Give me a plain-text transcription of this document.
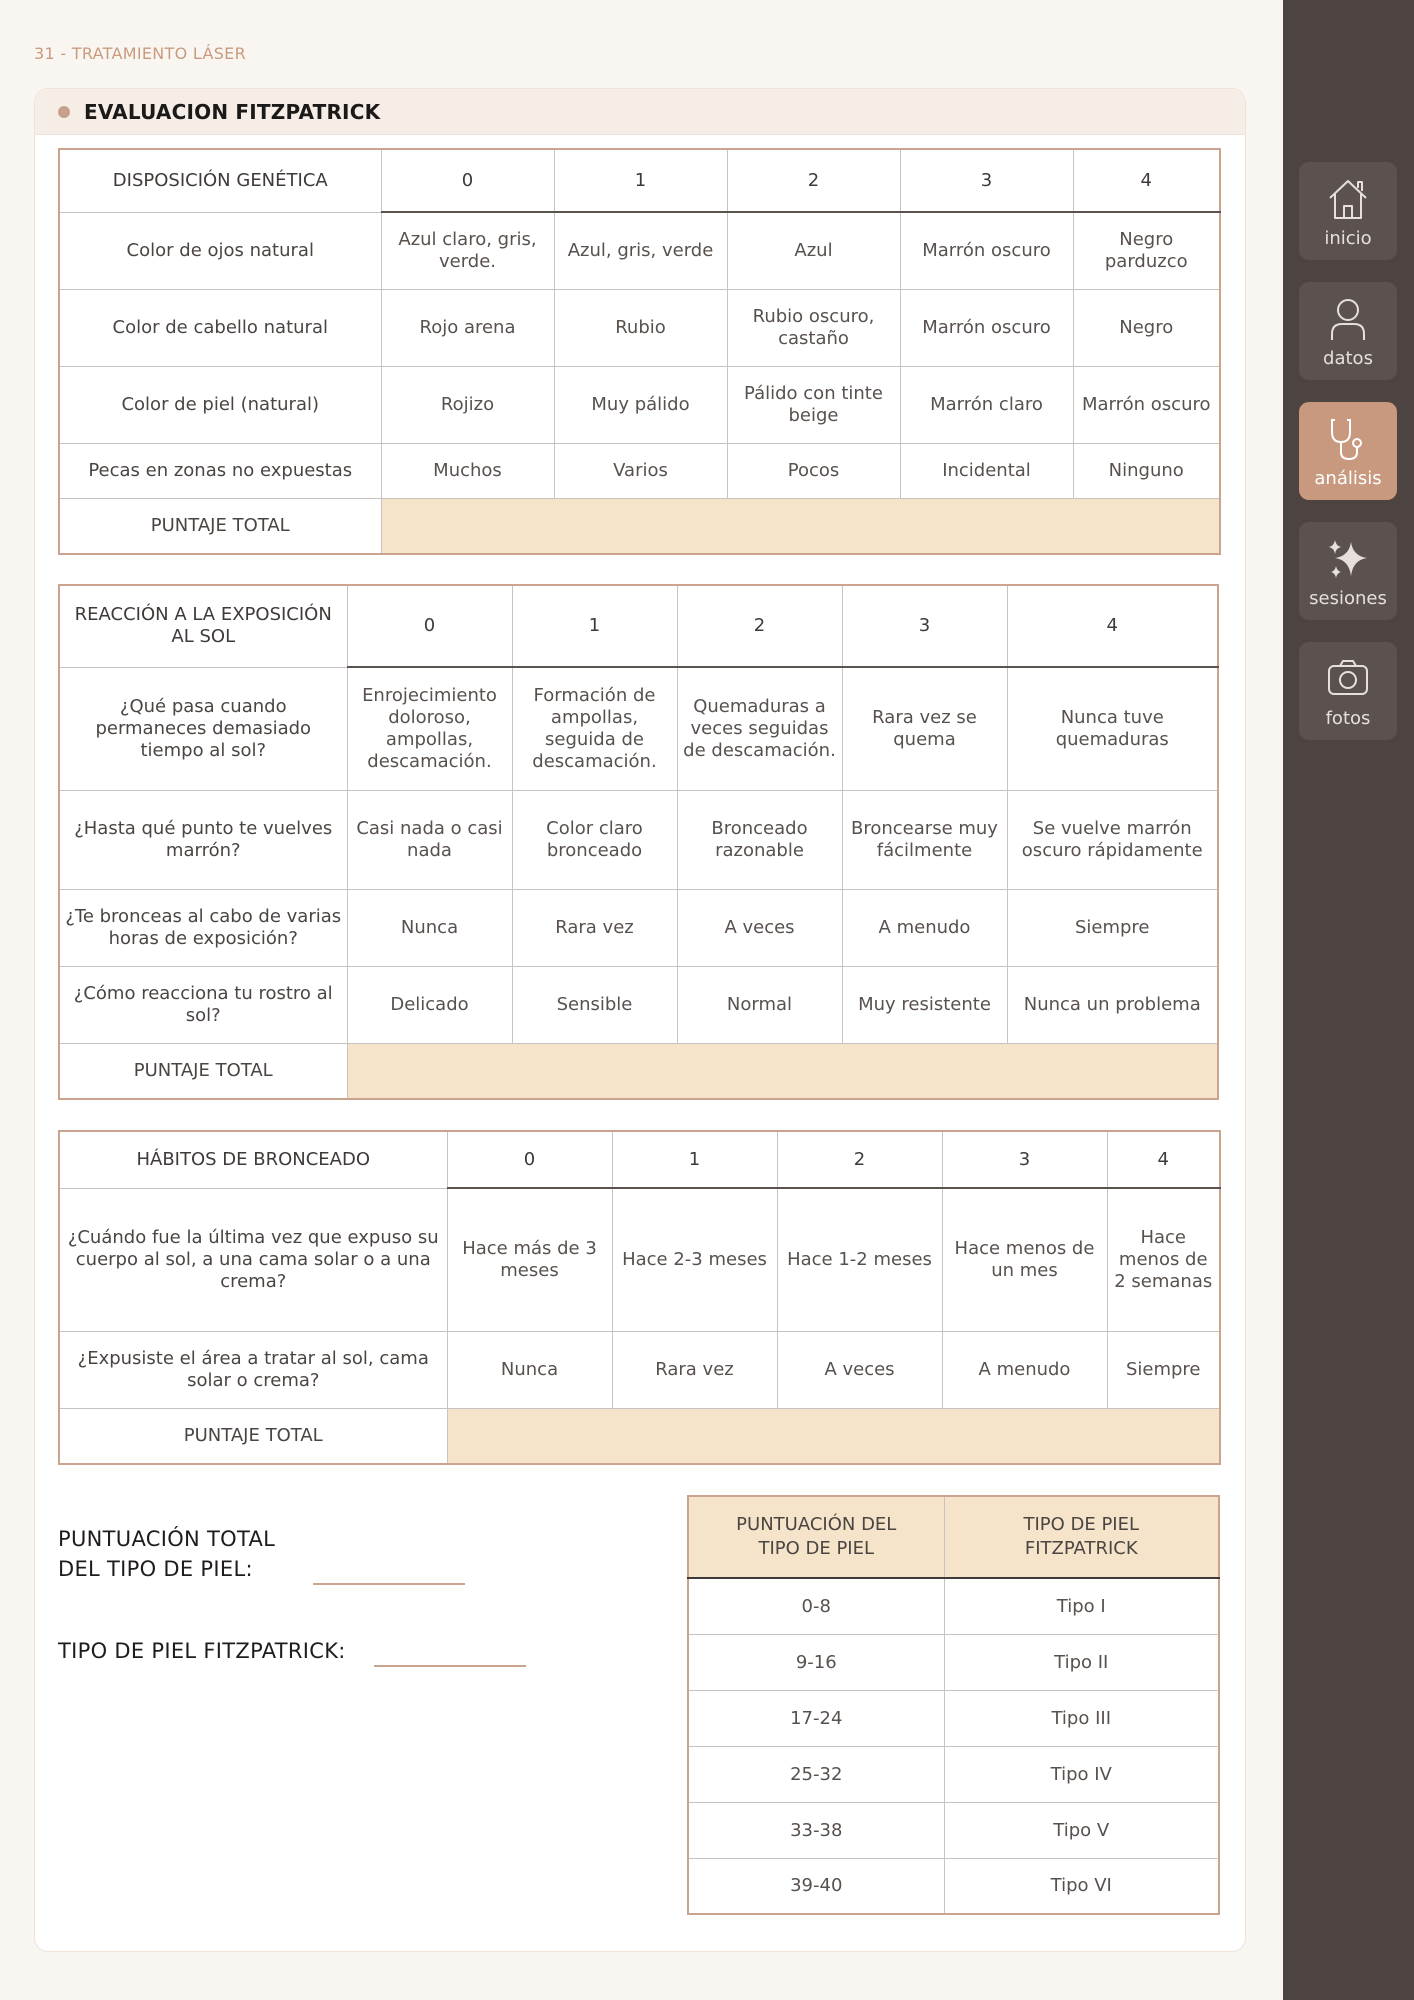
31 - TRATAMIENTO LÁSER
EVALUACION FITZPATRICK
DISPOSICIÓN GENÉTICA	0	1	2	3	4
Color de ojos natural	Azul claro, gris, verde.	Azul, gris, verde	Azul	Marrón oscuro	Negro parduzco
Color de cabello natural	Rojo arena	Rubio	Rubio oscuro, castaño	Marrón oscuro	Negro
Color de piel (natural)	Rojizo	Muy pálido	Pálido con tinte beige	Marrón claro	Marrón oscuro
Pecas en zonas no expuestas	Muchos	Varios	Pocos	Incidental	Ninguno
PUNTAJE TOTAL					
REACCIÓN A LA EXPOSICIÓN AL SOL	0	1	2	3	4
¿Qué pasa cuando permaneces demasiado tiempo al sol?	Enrojecimiento doloroso, ampollas, descamación.	Formación de ampollas, seguida de descamación.	Quemaduras a veces seguidas de descamación.	Rara vez se quema	Nunca tuve quemaduras
¿Hasta qué punto te vuelves marrón?	Casi nada o casi nada	Color claro bronceado	Bronceado razonable	Broncearse muy fácilmente	Se vuelve marrón oscuro rápidamente
¿Te bronceas al cabo de varias horas de exposición?	Nunca	Rara vez	A veces	A menudo	Siempre
¿Cómo reacciona tu rostro al sol?	Delicado	Sensible	Normal	Muy resistente	Nunca un problema
PUNTAJE TOTAL					
HÁBITOS DE BRONCEADO	0	1	2	3	4
¿Cuándo fue la última vez que expuso su cuerpo al sol, a una cama solar o a una crema?	Hace más de 3 meses	Hace 2-3 meses	Hace 1-2 meses	Hace menos de un mes	Hace menos de 2 semanas
¿Expusiste el área a tratar al sol, cama solar o crema?	Nunca	Rara vez	A veces	A menudo	Siempre
PUNTAJE TOTAL					
PUNTUACIÓN TOTAL DEL TIPO DE PIEL:
TIPO DE PIEL FITZPATRICK:
PUNTUACIÓN DEL TIPO DE PIEL	TIPO DE PIEL FITZPATRICK
0-8	Tipo I
9-16	Tipo II
17-24	Tipo III
25-32	Tipo IV
33-38	Tipo V
39-40	Tipo VI
inicio
datos
análisis
sesiones
fotos
